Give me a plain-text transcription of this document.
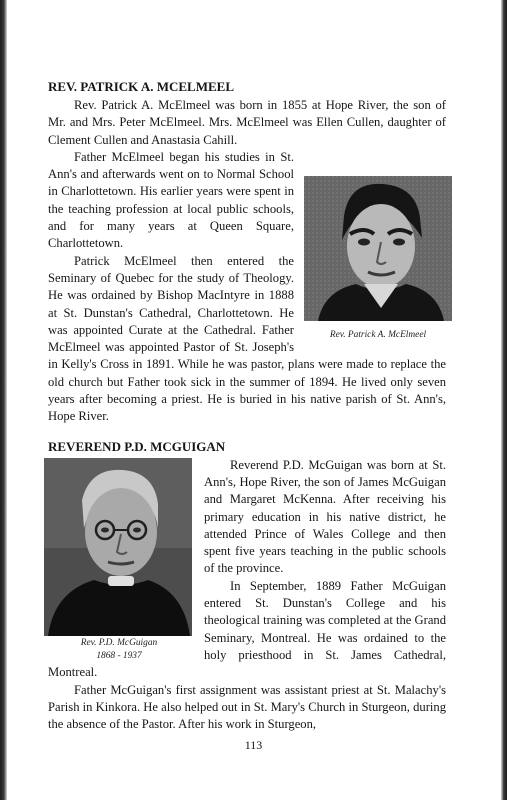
REV. PATRICK A. MCELMEEL

Rev. Patrick A. McElmeel was born in 1855 at Hope River, the son of Mr. and Mrs. Peter McElmeel. Mrs. McElmeel was Ellen Cullen, daughter of Clement Cullen and Anastasia Cahill.

Rev. Patrick A. McElmeel

Father McElmeel began his studies in St. Ann's and afterwards went on to Normal School in Charlottetown. His earlier years were spent in the teaching profession at local public schools, and for many years at Queen Square, Charlottetown.

Patrick McElmeel then entered the Seminary of Quebec for the study of Theology. He was ordained by Bishop MacIntyre in 1888 at St. Dunstan's Cathedral, Charlottetown. He was appointed Curate at the Cathedral. Father McElmeel was appointed Pastor of St. Joseph's in Kelly's Cross in 1891. While he was pastor, plans were made to replace the old church but Father took sick in the summer of 1894. He lived only seven years after becoming a priest. He is buried in his native parish of St. Ann's, Hope River.

REVEREND P.D. MCGUIGAN
Rev. P.D. McGuigan
1868 - 1937

Reverend P.D. McGuigan was born at St. Ann's, Hope River, the son of James McGuigan and Margaret McKenna. After receiving his primary education in his native district, he attended Prince of Wales College and then spent five years teaching in the public schools of the province.

In September, 1889 Father McGuigan entered St. Dunstan's College and his theological training was completed at the Grand Seminary, Montreal. He was ordained to the holy priesthood in St. James Cathedral, Montreal.

Father McGuigan's first assignment was assistant priest at St. Malachy's Parish in Kinkora. He also helped out in St. Mary's Church in Sturgeon, during the absence of the Pastor. After his work in Sturgeon,

113
